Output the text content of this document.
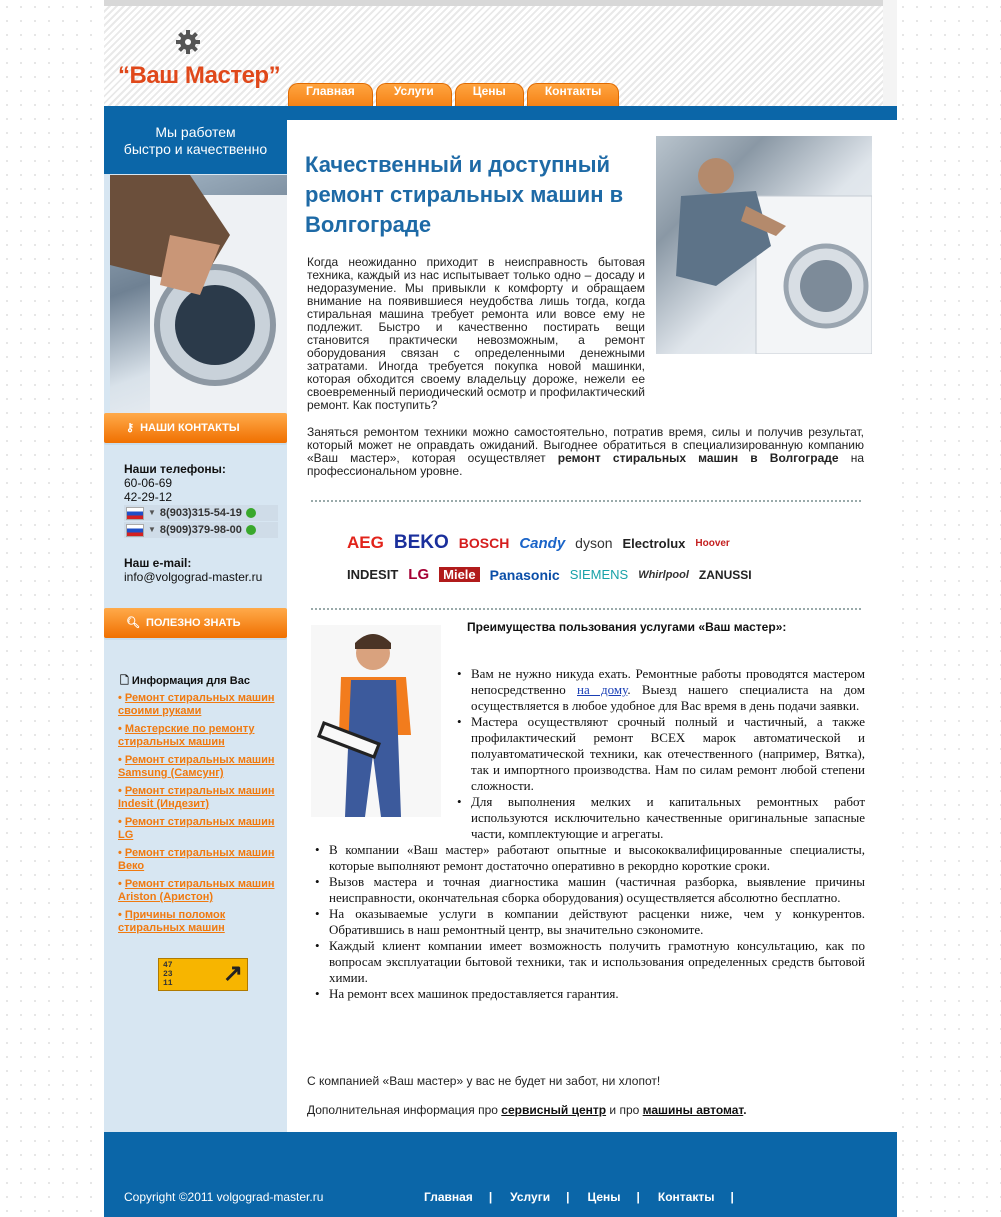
“Ваш Мастер”
Главная	Услуги	Цены	Контакты
Мы работем
быстро и качественно
⚷ НАШИ КОНТАКТЫ
Наши телефоны:
60-06-69
42-29-12
▼ 8(903)315-54-19
▼ 8(909)379-98-00
Наш e-mail:
info@volgograd-master.ru
🔍︎ ПОЛЕЗНО ЗНАТЬ
🗋 Информация для Вас
• Ремонт стиральных машин своими руками
• Мастерские по ремонту стиральных машин
• Ремонт стиральных машин Samsung (Самсунг)
• Ремонт стиральных машин Indesit (Индезит)
• Ремонт стиральных машин LG
• Ремонт стиральных машин Веко
• Ремонт стиральных машин Ariston (Аристон)
• Причины поломок стиральных машин
47
23
11 ↗
Качественный и доступный ремонт стиральных машин в Волгограде
Когда неожиданно приходит в неисправность бытовая техника, каждый из нас испытывает только одно – досаду и недоразумение. Мы привыкли к комфорту и обращаем внимание на появившиеся неудобства лишь тогда, когда стиральная машина требует ремонта или вовсе ему не подлежит. Быстро и качественно постирать вещи становится практически невозможным, а ремонт оборудования связан с определенными денежными затратами. Иногда требуется покупка новой машинки, которая обходится своему владельцу дороже, нежели ее своевременный периодический осмотр и профилактический ремонт. Как поступить?
Заняться ремонтом техники можно самостоятельно, потратив время, силы и получив результат, который может не оправдать ожиданий. Выгоднее обратиться в специализированную компанию «Ваш мастер», которая осуществляет ремонт стиральных машин в Волгограде на профессиональном уровне.
AEG BEKO BOSCH Candy dyson Electrolux Hoover
INDESIT LG	Miele Panasonic SIEMENS Whirlpool ZANUSSI
Преимущества пользования услугами «Ваш мастер»:
• Вам не нужно никуда ехать. Ремонтные работы проводятся мастером непосредственно на дому. Выезд нашего специалиста на дом осуществляется в любое удобное для Вас время в день подачи заявки.
• Мастера осуществляют срочный полный и частичный, а также профилактический ремонт ВСЕХ марок автоматической и полуавтоматической техники, как отечественного (например, Вятка), так и импортного производства. Нам по силам ремонт любой степени сложности.
• Для выполнения мелких и капитальных ремонтных работ используются исключительно качественные оригинальные запасные части, комплектующие и агрегаты.
• В компании «Ваш мастер» работают опытные и высококвалифицированные специалисты, которые выполняют ремонт достаточно оперативно в рекордно короткие сроки.
• Вызов мастера и точная диагностика машин (частичная разборка, выявление причины неисправности, окончательная сборка оборудования) осуществляется абсолютно бесплатно.
• На оказываемые услуги в компании действуют расценки ниже, чем у конкурентов. Обратившись в наш ремонтный центр, вы значительно сэкономите.
• Каждый клиент компании имеет возможность получить грамотную консультацию, как по вопросам эксплуатации бытовой техники, так и использования определенных средств бытовой химии.
• На ремонт всех машинок предоставляется гарантия.
С компанией «Ваш мастер» у вас не будет ни забот, ни хлопот!
Дополнительная информация про сервисный центр и про машины автомат.
Copyright ©2011 volgograd-master.ru	Главная	|	Услуги	|	Цены	|	Контакты	|
